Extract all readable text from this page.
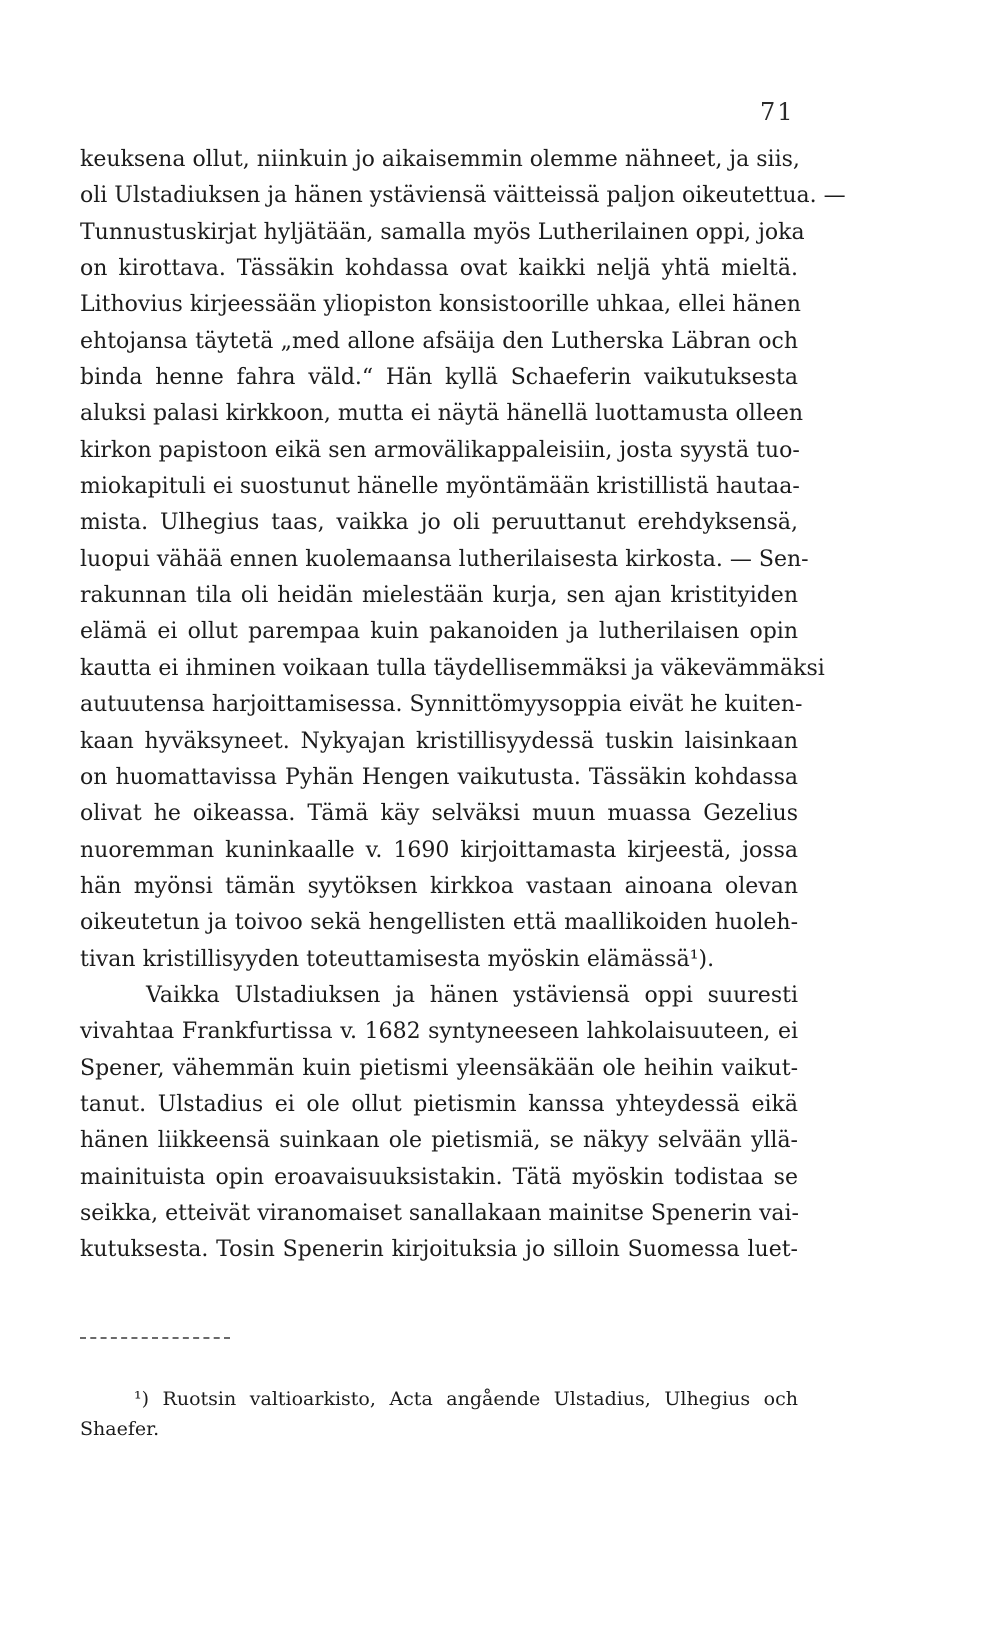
71
keuksena ollut, niinkuin jo aikaisemmin olemme nähneet, ja siis,
oli Ulstadiuksen ja hänen ystäviensä väitteissä paljon oikeutettua. —
Tunnustuskirjat hyljätään, samalla myös Lutherilainen oppi, joka
on kirottava. Tässäkin kohdassa ovat kaikki neljä yhtä mieltä.
Lithovius kirjeessään yliopiston konsistoorille uhkaa, ellei hänen
ehtojansa täytetä „med allone afsäija den Lutherska Läbran och
binda henne fahra väld.“ Hän kyllä Schaeferin vaikutuksesta
aluksi palasi kirkkoon, mutta ei näytä hänellä luottamusta olleen
kirkon papistoon eikä sen armovälikappaleisiin, josta syystä tuo-
miokapituli ei suostunut hänelle myöntämään kristillistä hautaa-
mista. Ulhegius taas, vaikka jo oli peruuttanut erehdyksensä,
luopui vähää ennen kuolemaansa lutherilaisesta kirkosta. — Sen-
rakunnan tila oli heidän mielestään kurja, sen ajan kristityiden
elämä ei ollut parempaa kuin pakanoiden ja lutherilaisen opin
kautta ei ihminen voikaan tulla täydellisemmäksi ja väkevämmäksi
autuutensa harjoittamisessa. Synnittömyysoppia eivät he kuiten-
kaan hyväksyneet. Nykyajan kristillisyydessä tuskin laisinkaan
on huomattavissa Pyhän Hengen vaikutusta. Tässäkin kohdassa
olivat he oikeassa. Tämä käy selväksi muun muassa Gezelius
nuoremman kuninkaalle v. 1690 kirjoittamasta kirjeestä, jossa
hän myönsi tämän syytöksen kirkkoa vastaan ainoana olevan
oikeutetun ja toivoo sekä hengellisten että maallikoiden huoleh-
tivan kristillisyyden toteuttamisesta myöskin elämässä¹).
Vaikka Ulstadiuksen ja hänen ystäviensä oppi suuresti
vivahtaa Frankfurtissa v. 1682 syntyneeseen lahkolaisuuteen, ei
Spener, vähemmän kuin pietismi yleensäkään ole heihin vaikut-
tanut. Ulstadius ei ole ollut pietismin kanssa yhteydessä eikä
hänen liikkeensä suinkaan ole pietismiä, se näkyy selvään yllä-
mainituista opin eroavaisuuksistakin. Tätä myöskin todistaa se
seikka, etteivät viranomaiset sanallakaan mainitse Spenerin vai-
kutuksesta. Tosin Spenerin kirjoituksia jo silloin Suomessa luet-
¹) Ruotsin valtioarkisto, Acta angående Ulstadius, Ulhegius och
Shaefer.
